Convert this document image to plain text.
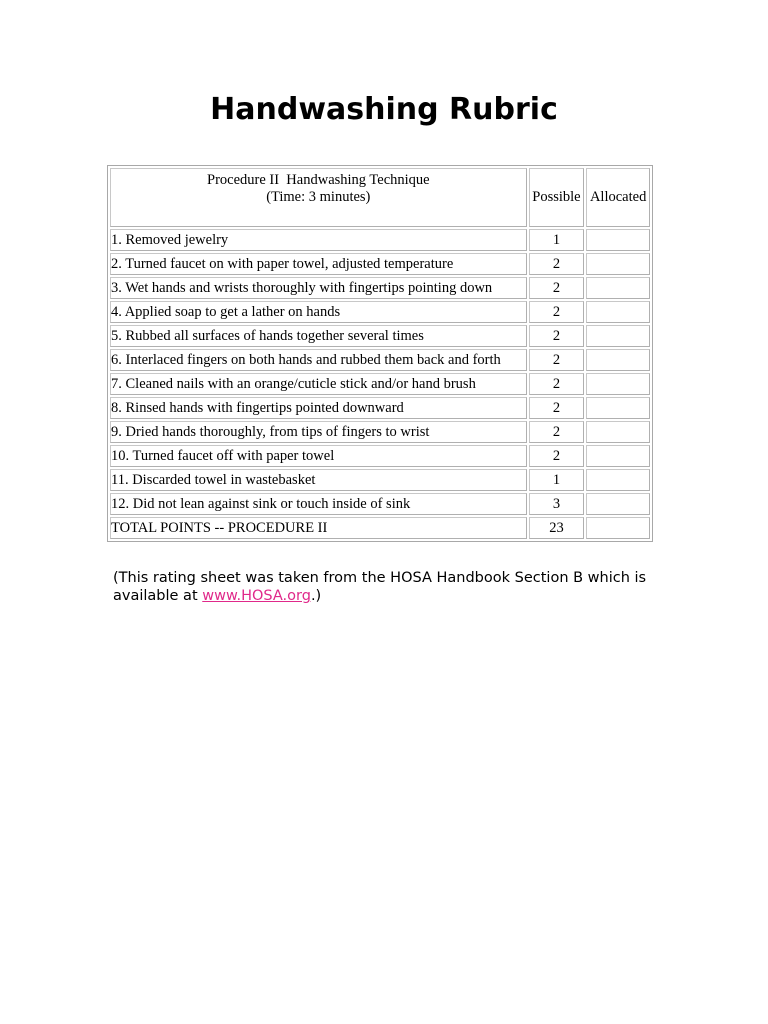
Handwashing Rubric
Procedure II  Handwashing Technique
(Time: 3 minutes)	Possible	Allocated
1. Removed jewelry	1	
2. Turned faucet on with paper towel, adjusted temperature	2	
3. Wet hands and wrists thoroughly with fingertips pointing down	2	
4. Applied soap to get a lather on hands	2	
5. Rubbed all surfaces of hands together several times	2	
6. Interlaced fingers on both hands and rubbed them back and forth	2	
7. Cleaned nails with an orange/cuticle stick and/or hand brush	2	
8. Rinsed hands with fingertips pointed downward	2	
9. Dried hands thoroughly, from tips of fingers to wrist	2	
10. Turned faucet off with paper towel	2	
11. Discarded towel in wastebasket	1	
12. Did not lean against sink or touch inside of sink	3	
TOTAL POINTS -- PROCEDURE II	23	

(This rating sheet was taken from the HOSA Handbook Section B which is available at www.HOSA.org.)
